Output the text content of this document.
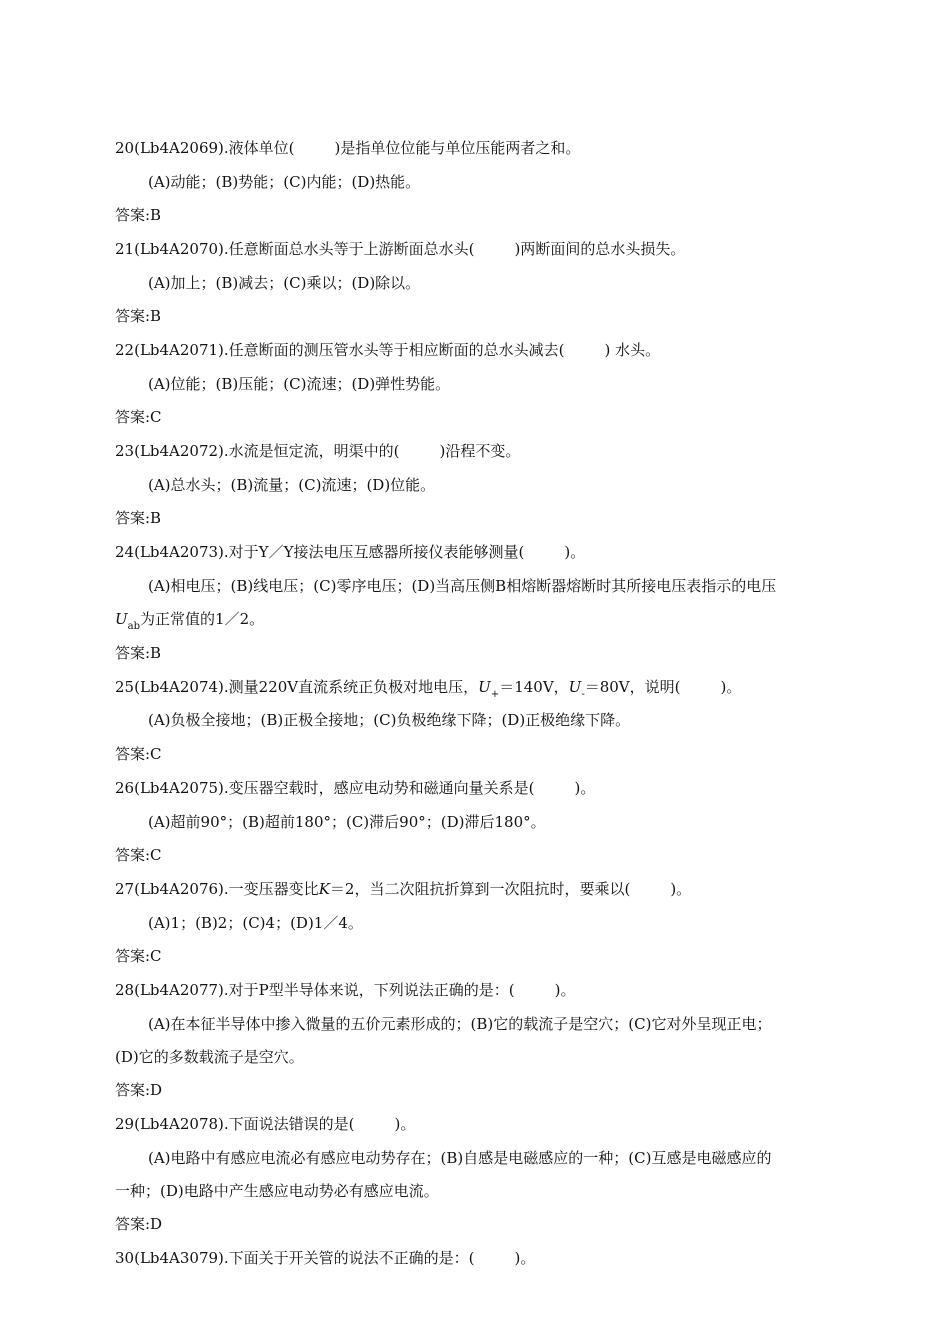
20(Lb4A2069).液体单位(	)是指单位位能与单位压能两者之和。
(A)动能；(B)势能；(C)内能；(D)热能。
答案:B
21(Lb4A2070).任意断面总水头等于上游断面总水头(	)两断面间的总水头损失。
(A)加上；(B)减去；(C)乘以；(D)除以。
答案:B
22(Lb4A2071).任意断面的测压管水头等于相应断面的总水头减去(	) 水头。
(A)位能；(B)压能；(C)流速；(D)弹性势能。
答案:C
23(Lb4A2072).水流是恒定流，明渠中的(	)沿程不变。
(A)总水头；(B)流量；(C)流速；(D)位能。
答案:B
24(Lb4A2073).对于Y／Y接法电压互感器所接仪表能够测量(	)。
(A)相电压；(B)线电压；(C)零序电压；(D)当高压侧B相熔断器熔断时其所接电压表指示的电压
$U_{ab}$为正常值的1／2。
答案:B
25(Lb4A2074).测量220V直流系统正负极对地电压，$U_+=140V$，$U_-=80V$，说明(	)。
(A)负极全接地；(B)正极全接地；(C)负极绝缘下降；(D)正极绝缘下降。
答案:C
26(Lb4A2075).变压器空载时，感应电动势和磁通向量关系是(	)。
(A)超前90°；(B)超前180°；(C)滞后90°；(D)滞后180°。
答案:C
27(Lb4A2076).一变压器变比K＝2，当二次阻抗折算到一次阻抗时，要乘以(	)。
(A)1；(B)2；(C)4；(D)1／4。
答案:C
28(Lb4A2077).对于P型半导体来说，下列说法正确的是：(	)。
(A)在本征半导体中掺入微量的五价元素形成的；(B)它的载流子是空穴；(C)它对外呈现正电；
(D)它的多数载流子是空穴。
答案:D
29(Lb4A2078).下面说法错误的是(	)。
(A)电路中有感应电流必有感应电动势存在；(B)自感是电磁感应的一种；(C)互感是电磁感应的
一种；(D)电路中产生感应电动势必有感应电流。
答案:D
30(Lb4A3079).下面关于开关管的说法不正确的是：(	)。
